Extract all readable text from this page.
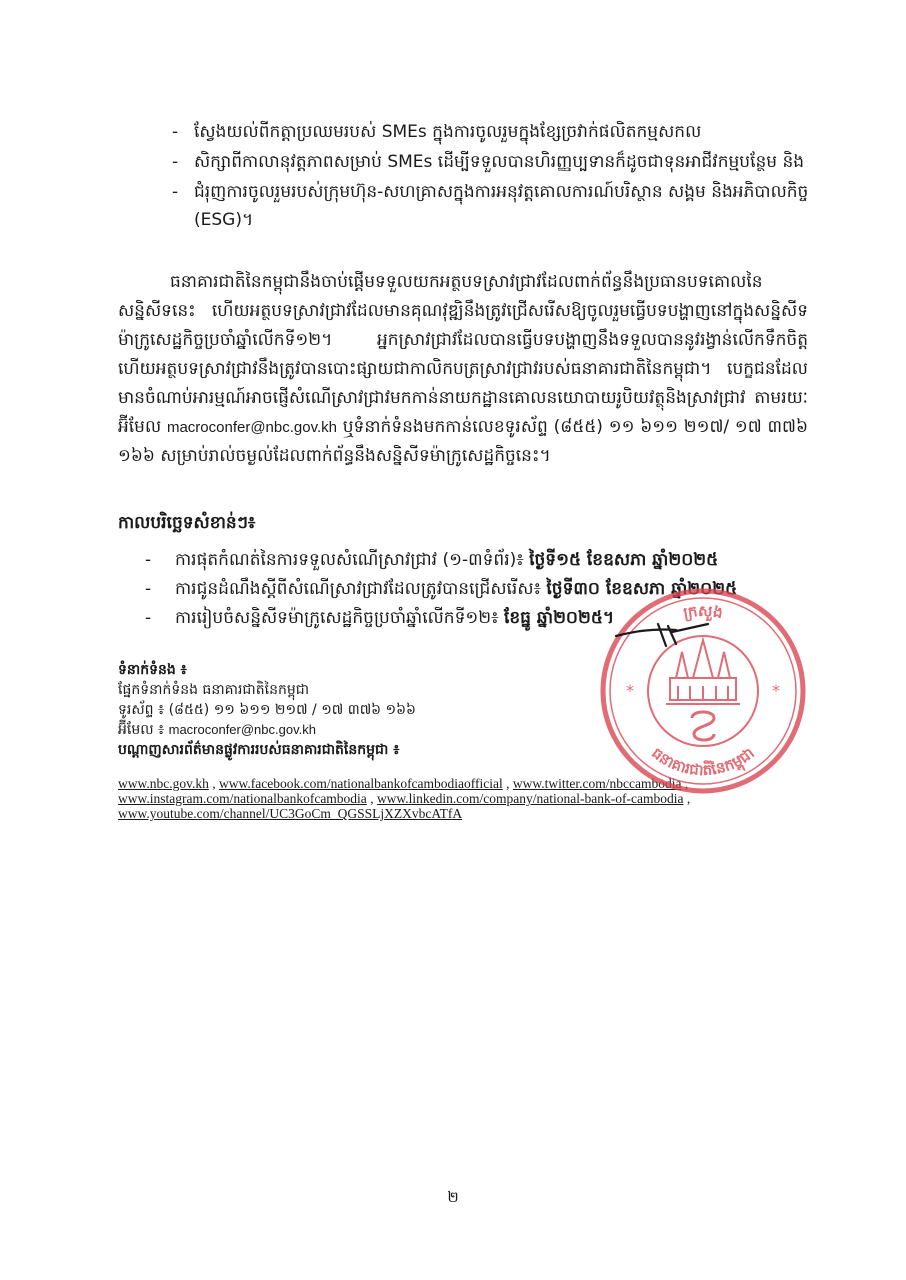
- ស្វែងយល់ពីកត្តាប្រឈមរបស់ SMEs ក្នុងការចូលរួមក្នុងខ្សែច្រវាក់ផលិតកម្មសកល
- សិក្សាពីកាលានុវត្តភាពសម្រាប់ SMEs ដើម្បីទទួលបានហិរញ្ញប្បទានក៏ដូចជាទុនអាជីវកម្មបន្ថែម និង
- ជំរុញការចូលរួមរបស់ក្រុមហ៊ុន-សហគ្រាសក្នុងការអនុវត្តគោលការណ៍បរិស្ថាន សង្គម និងអភិបាលកិច្ច (ESG)។

ធនាគារជាតិនៃកម្ពុជានឹងចាប់ផ្តើមទទួលយកអត្ថបទស្រាវជ្រាវដែលពាក់ព័ន្ធនឹងប្រធានបទគោលនៃសន្និសីទនេះ ហើយអត្ថបទស្រាវជ្រាវដែលមានគុណវុឌ្ឍិនឹងត្រូវជ្រើសរើសឱ្យចូលរួមធ្វើបទបង្ហាញនៅក្នុងសន្និសីទម៉ាក្រូសេដ្ឋកិច្ចប្រចាំឆ្នាំលើកទី១២។ អ្នកស្រាវជ្រាវដែលបានធ្វើបទបង្ហាញនឹងទទួលបាននូវរង្វាន់លើកទឹកចិត្ត ហើយអត្ថបទស្រាវជ្រាវនឹងត្រូវបានបោះផ្សាយជាកាលិកបត្រស្រាវជ្រាវរបស់ធនាគារជាតិនៃកម្ពុជា។ បេក្ខជនដែលមានចំណាប់អារម្មណ៍អាចផ្ញើសំណើស្រាវជ្រាវមកកាន់នាយកដ្ឋានគោលនយោបាយរូបិយវត្ថុនិងស្រាវជ្រាវ តាមរយៈអ៊ីមែល macroconfer@nbc.gov.kh ឬទំនាក់ទំនងមកកាន់លេខទូរស័ព្ទ (៨៥៥) ១១ ៦១១ ២១៧/ ១៧ ៣៧៦ ១៦៦ សម្រាប់រាល់ចម្ងល់ដែលពាក់ព័ន្ធនឹងសន្និសីទម៉ាក្រូសេដ្ឋកិច្ចនេះ។

កាលបរិច្ឆេទសំខាន់ៗ៖

- ការផុតកំណត់នៃការទទួលសំណើស្រាវជ្រាវ (១-៣ទំព័រ)៖ ថ្ងៃទី១៥ ខែឧសភា ឆ្នាំ២០២៥
- ការជូនដំណឹងស្តីពីសំណើស្រាវជ្រាវដែលត្រូវបានជ្រើសរើស៖ ថ្ងៃទី៣០ ខែឧសភា ឆ្នាំ២០២៥
- ការរៀបចំសន្និសីទម៉ាក្រូសេដ្ឋកិច្ចប្រចាំឆ្នាំលើកទី១២៖ ខែធ្នូ ឆ្នាំ២០២៥។
ទំនាក់ទំនង ៖
ផ្នែកទំនាក់ទំនង ធនាគារជាតិនៃកម្ពុជា
ទូរស័ព្ទ ៖ (៨៥៥) ១១ ៦១១ ២១៧ / ១៧ ៣៧៦ ១៦៦
អ៊ីមែល ៖ macroconfer@nbc.gov.kh
បណ្តាញសារព័ត៌មានផ្លូវការរបស់ធនាគារជាតិនៃកម្ពុជា ៖
www.nbc.gov.kh , www.facebook.com/nationalbankofcambodiaofficial , www.twitter.com/nbccambodia ,
www.instagram.com/nationalbankofcambodia , www.linkedin.com/company/national-bank-of-cambodia ,
www.youtube.com/channel/UC3GoCm_QGSSLjXZXvbcATfA
ក្រសួង
ធនាគារជាតិនៃកម្ពុជា
*	*
២
